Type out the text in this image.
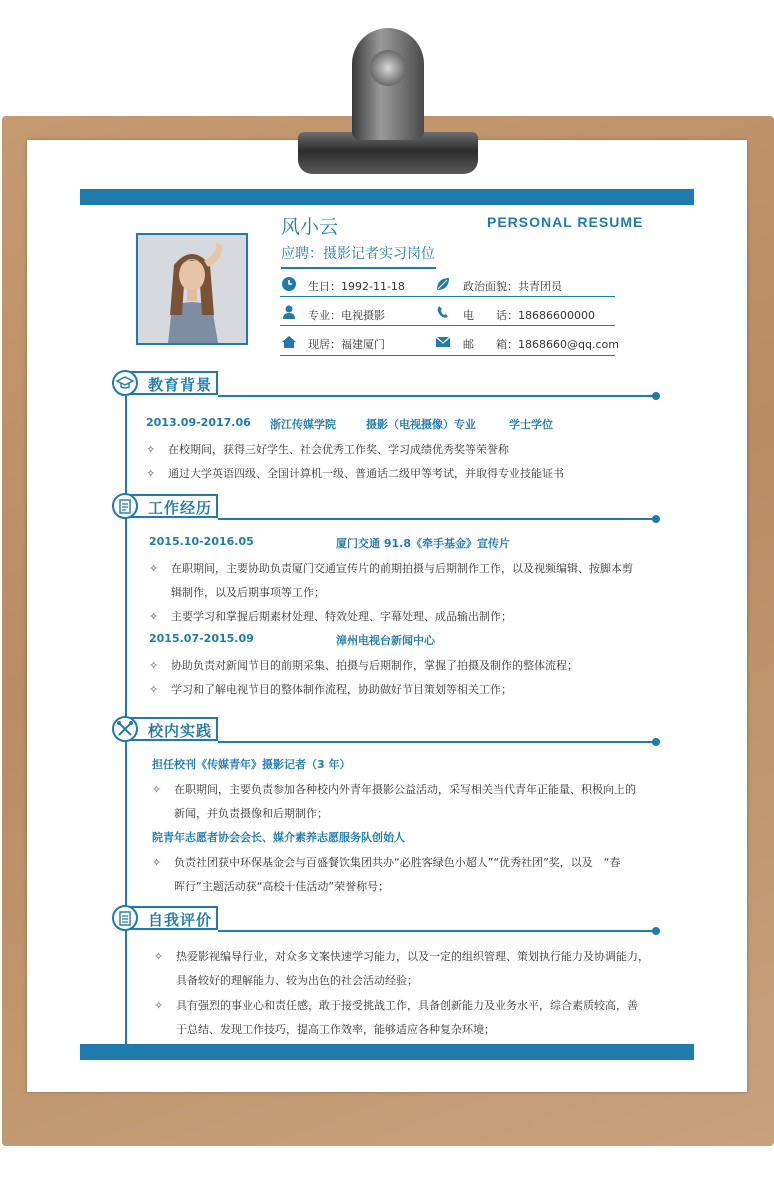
风小云	PERSONAL RESUME
应聘：摄影记者实习岗位
生日：1992-11-18	政治面貌：共青团员
专业：电视摄影	电　　话：18686600000
现居：福建厦门	邮　　箱：1868660@qq.com
教育背景
2013.09-2017.06 浙江传媒学院	摄影（电视摄像）专业	学士学位
✧ 在校期间，获得三好学生、社会优秀工作奖、学习成绩优秀奖等荣誉称
✧ 通过大学英语四级、全国计算机一级、普通话二级甲等考试，并取得专业技能证书
工作经历
2015.10-2016.05	厦门交通 91.8《牵手基金》宣传片
✧ 在职期间，主要协助负责厦门交通宣传片的前期拍摄与后期制作工作，以及视频编辑、按脚本剪
辑制作，以及后期事项等工作；
✧ 主要学习和掌握后期素材处理、特效处理、字幕处理、成品输出制作；
2015.07-2015.09	漳州电视台新闻中心
✧ 协助负责对新闻节目的前期采集、拍摄与后期制作，掌握了拍摄及制作的整体流程；
✧ 学习和了解电视节目的整体制作流程，协助做好节目策划等相关工作；
校内实践
担任校刊《传媒青年》摄影记者（3 年）
✧ 在职期间，主要负责参加各种校内外青年摄影公益活动，采写相关当代青年正能量、积极向上的
新闻，并负责摄像和后期制作；
院青年志愿者协会会长、媒介素养志愿服务队创始人
✧ 负责社团获中环保基金会与百盛餐饮集团共办“必胜客绿色小超人”“优秀社团”奖，以及　“春
晖行”主题活动获“高校十佳活动”荣誉称号；
自我评价
✧ 热爱影视编导行业，对众多文案快速学习能力，以及一定的组织管理、策划执行能力及协调能力，
具备较好的理解能力、较为出色的社会活动经验；
✧ 具有强烈的事业心和责任感，敢于接受挑战工作，具备创新能力及业务水平，综合素质较高，善
于总结、发现工作技巧，提高工作效率，能够适应各种复杂环境；
